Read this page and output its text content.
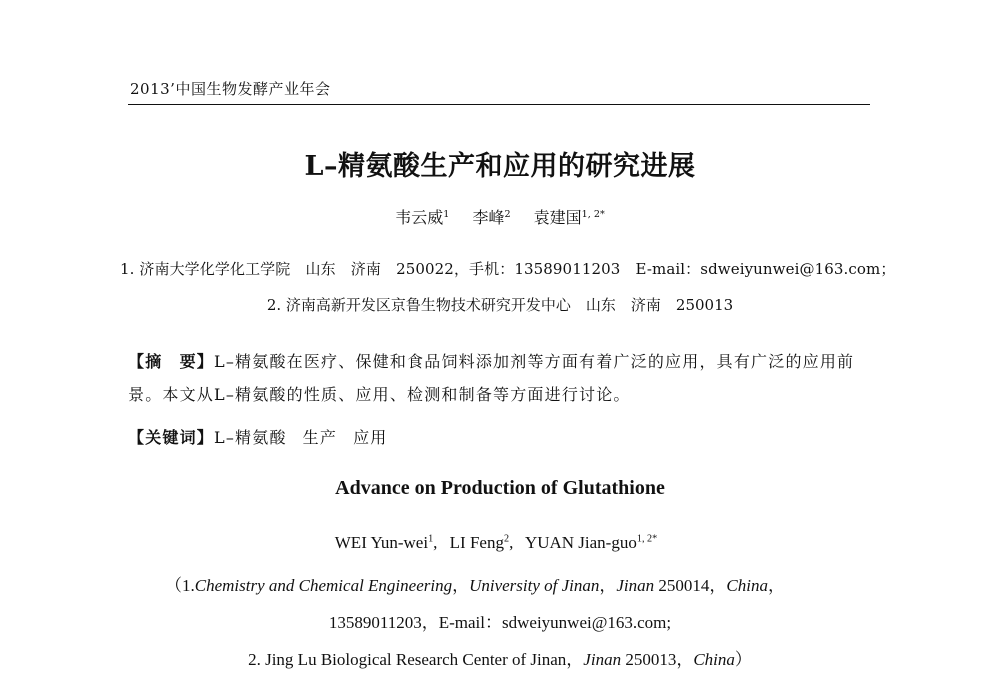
2013’中国生物发酵产业年会
L–精氨酸生产和应用的研究进展
韦云威$^1$ 李峰$^2$ 袁建国$^{1, 2*}$
1. 济南大学化学化工学院　山东　济南　250022，手机：13589011203　E-mail：sdweiyunwei@163.com；
2. 济南高新开发区京鲁生物技术研究开发中心　山东　济南　250013
【摘　要】L–精氨酸在医疗、保健和食品饲料添加剂等方面有着广泛的应用，具有广泛的应用前景。本文从L–精氨酸的性质、应用、检测和制备等方面进行讨论。
【关键词】L–精氨酸 生产 应用
Advance on Production of Glutathione
WEI Yun-wei$^1$, LI Feng$^2$, YUAN Jian-guo$^{1, 2*}$
（1.Chemistry and Chemical Engineering，University of Jinan，Jinan 250014，China，
13589011203，E-mail：sdweiyunwei@163.com;
2. Jing Lu Biological Research Center of Jinan，Jinan 250013，China）
